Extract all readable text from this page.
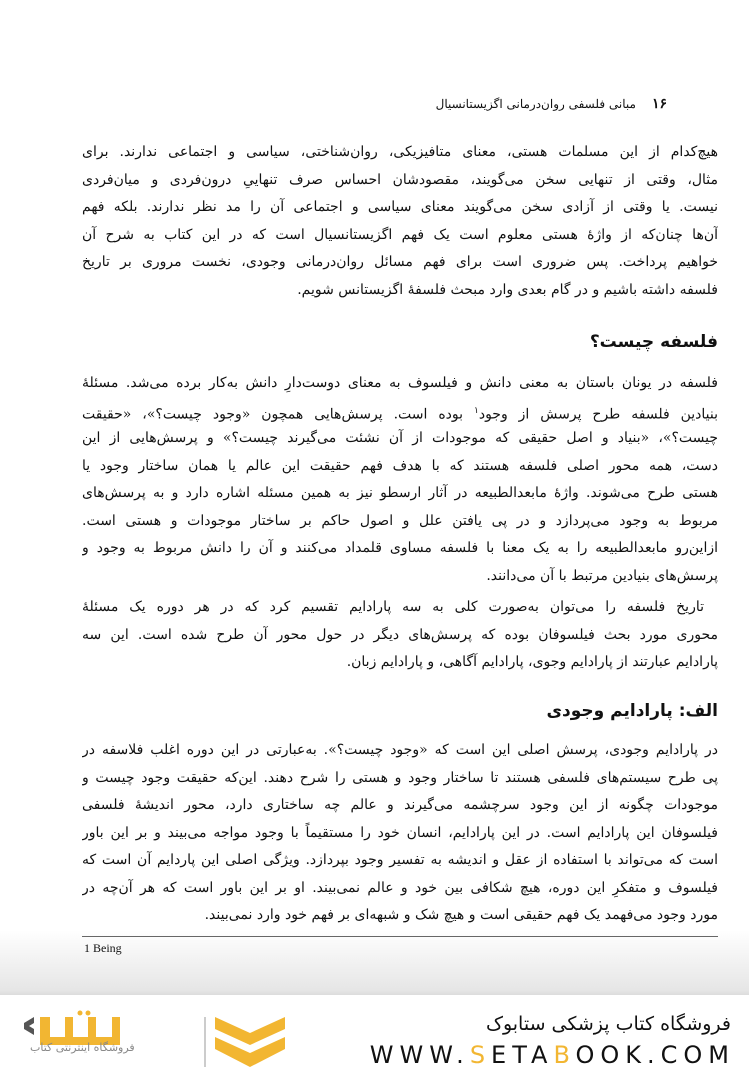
۱۶
مبانی فلسفی روان‌درمانی اگزیستانسیال
هیچ‌کدام از این مسلمات هستی، معنای متافیزیکی، روان‌شناختی، سیاسی و اجتماعی ندارند. برای
مثال، وقتی از تنهایی سخن می‌گویند، مقصودشان احساس صرف تنهاییِ درون‌فردی و میان‌فردی
نیست. یا وقتی از آزادی سخن می‌گویند معنای سیاسی و اجتماعی آن را مد نظر ندارند. بلکه فهم
آن‌ها چنان‌که از واژهٔ هستی معلوم است یک فهم اگزیستانسیال است که در این کتاب به شرح آن
خواهیم پرداخت. پس ضروری است برای فهم مسائل روان‌درمانی وجودی، نخست مروری بر تاریخ
فلسفه داشته باشیم و در گام بعدی وارد مبحث فلسفهٔ اگزیستانس شویم.
فلسفه چیست؟
فلسفه در یونان باستان به معنی دانش و فیلسوف به معنای دوست‌دارِ دانش به‌کار برده می‌شد. مسئلهٔ
بنیادین فلسفه طرح پرسش از وجود$^۱$ بوده است. پرسش‌هایی همچون «وجود چیست؟»، «حقیقت
چیست؟»، «بنیاد و اصل حقیقی که موجودات از آن نشئت می‌گیرند چیست؟» و پرسش‌هایی از این
دست، همه محور اصلی فلسفه هستند که با هدف فهم حقیقت این عالم یا همان ساختار وجود یا
هستی طرح می‌شوند. واژهٔ مابعدالطبیعه در آثار ارسطو نیز به همین مسئله اشاره دارد و به پرسش‌های
مربوط به وجود می‌پردازد و در پی یافتن علل و اصول حاکم بر ساختار موجودات و هستی است.
ازاین‌رو مابعدالطبیعه را به یک معنا با فلسفه مساوی قلمداد می‌کنند و آن را دانش مربوط به وجود و
پرسش‌های بنیادین مرتبط با آن می‌دانند.
تاریخ فلسفه را می‌توان به‌صورت کلی به سه پارادایم تقسیم کرد که در هر دوره یک مسئلهٔ
محوری مورد بحث فیلسوفان بوده که پرسش‌های دیگر در حول محور آن طرح شده است. این سه
پارادایم عبارتند از پارادایم وجوی، پارادایم آگاهی، و پارادایم زبان.
الف: پارادایم وجودی
در پارادایم وجودی، پرسش اصلی این است که «وجود چیست؟». به‌عبارتی در این دوره اغلب فلاسفه در
پی طرح سیستم‌های فلسفی هستند تا ساختار وجود و هستی را شرح دهند. این‌که حقیقت وجود چیست و
موجودات چگونه از این وجود سرچشمه می‌گیرند و عالم چه ساختاری دارد، محور اندیشهٔ فلسفی
فیلسوفان این پارادایم است. در این پارادایم، انسان خود را مستقیماً با وجود مواجه می‌بیند و بر این باور
است که می‌تواند با استفاده از عقل و اندیشه به تفسیر وجود بپردازد. ویژگی اصلی این پاردایم آن است که
فیلسوف و متفکرِ این دوره، هیچ شکافی بین خود و عالم نمی‌بیند. او بر این باور است که هر آن‌چه در
مورد وجود می‌فهمد یک فهم حقیقی است و هیچ شک و شبهه‌ای بر فهم خود وارد نمی‌بیند.
1 Being
فروشگاه اینترنتی کتاب
فروشگاه کتاب پزشکی ستابوک
WWW.SETABOOK.COM
